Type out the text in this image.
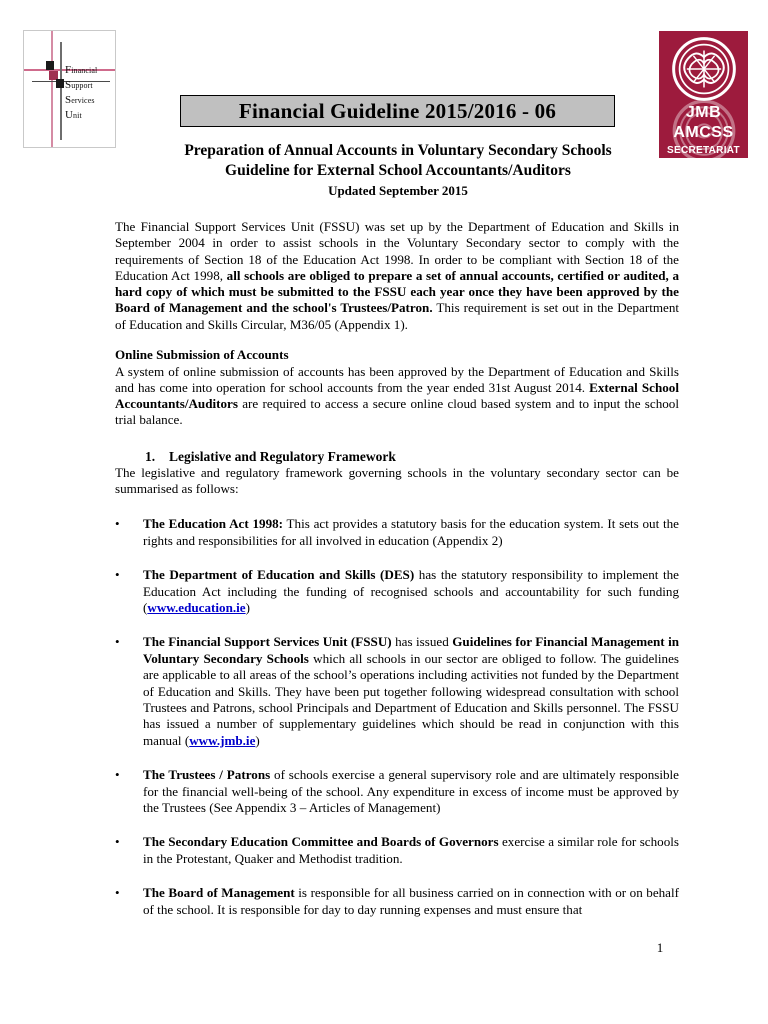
Financial
Support
Services
Unit	JMB
AMCSS
SECRETARIAT
Financial Guideline 2015/2016 - 06
Preparation of Annual Accounts in Voluntary Secondary Schools
Guideline for External School Accountants/Auditors
Updated September 2015

The Financial Support Services Unit (FSSU) was set up by the Department of Education and Skills in September 2004 in order to assist schools in the Voluntary Secondary sector to comply with the requirements of Section 18 of the Education Act 1998. In order to be compliant with Section 18 of the Education Act 1998, all schools are obliged to prepare a set of annual accounts, certified or audited, a hard copy of which must be submitted to the FSSU each year once they have been approved by the Board of Management and the school's Trustees/Patron. This requirement is set out in the Department of Education and Skills Circular, M36/05 (Appendix 1).

Online Submission of Accounts

A system of online submission of accounts has been approved by the Department of Education and Skills and has come into operation for school accounts from the year ended 31st August 2014. External School Accountants/Auditors are required to access a secure online cloud based system and to input the school trial balance.

1. Legislative and Regulatory Framework

The legislative and regulatory framework governing schools in the voluntary secondary sector can be summarised as follows:

• The Education Act 1998: This act provides a statutory basis for the education system. It sets out the rights and responsibilities for all involved in education (Appendix 2)
• The Department of Education and Skills (DES) has the statutory responsibility to implement the Education Act including the funding of recognised schools and accountability for such funding (www.education.ie)
• The Financial Support Services Unit (FSSU) has issued Guidelines for Financial Management in Voluntary Secondary Schools which all schools in our sector are obliged to follow. The guidelines are applicable to all areas of the school’s operations including activities not funded by the Department of Education and Skills. They have been put together following widespread consultation with school Trustees and Patrons, school Principals and Department of Education and Skills personnel. The FSSU has issued a number of supplementary guidelines which should be read in conjunction with this manual (www.jmb.ie)
• The Trustees / Patrons of schools exercise a general supervisory role and are ultimately responsible for the financial well-being of the school. Any expenditure in excess of income must be approved by the Trustees (See Appendix 3 – Articles of Management)
• The Secondary Education Committee and Boards of Governors exercise a similar role for schools in the Protestant, Quaker and Methodist tradition.
• The Board of Management is responsible for all business carried on in connection with or on behalf of the school. It is responsible for day to day running expenses and must ensure that
1
